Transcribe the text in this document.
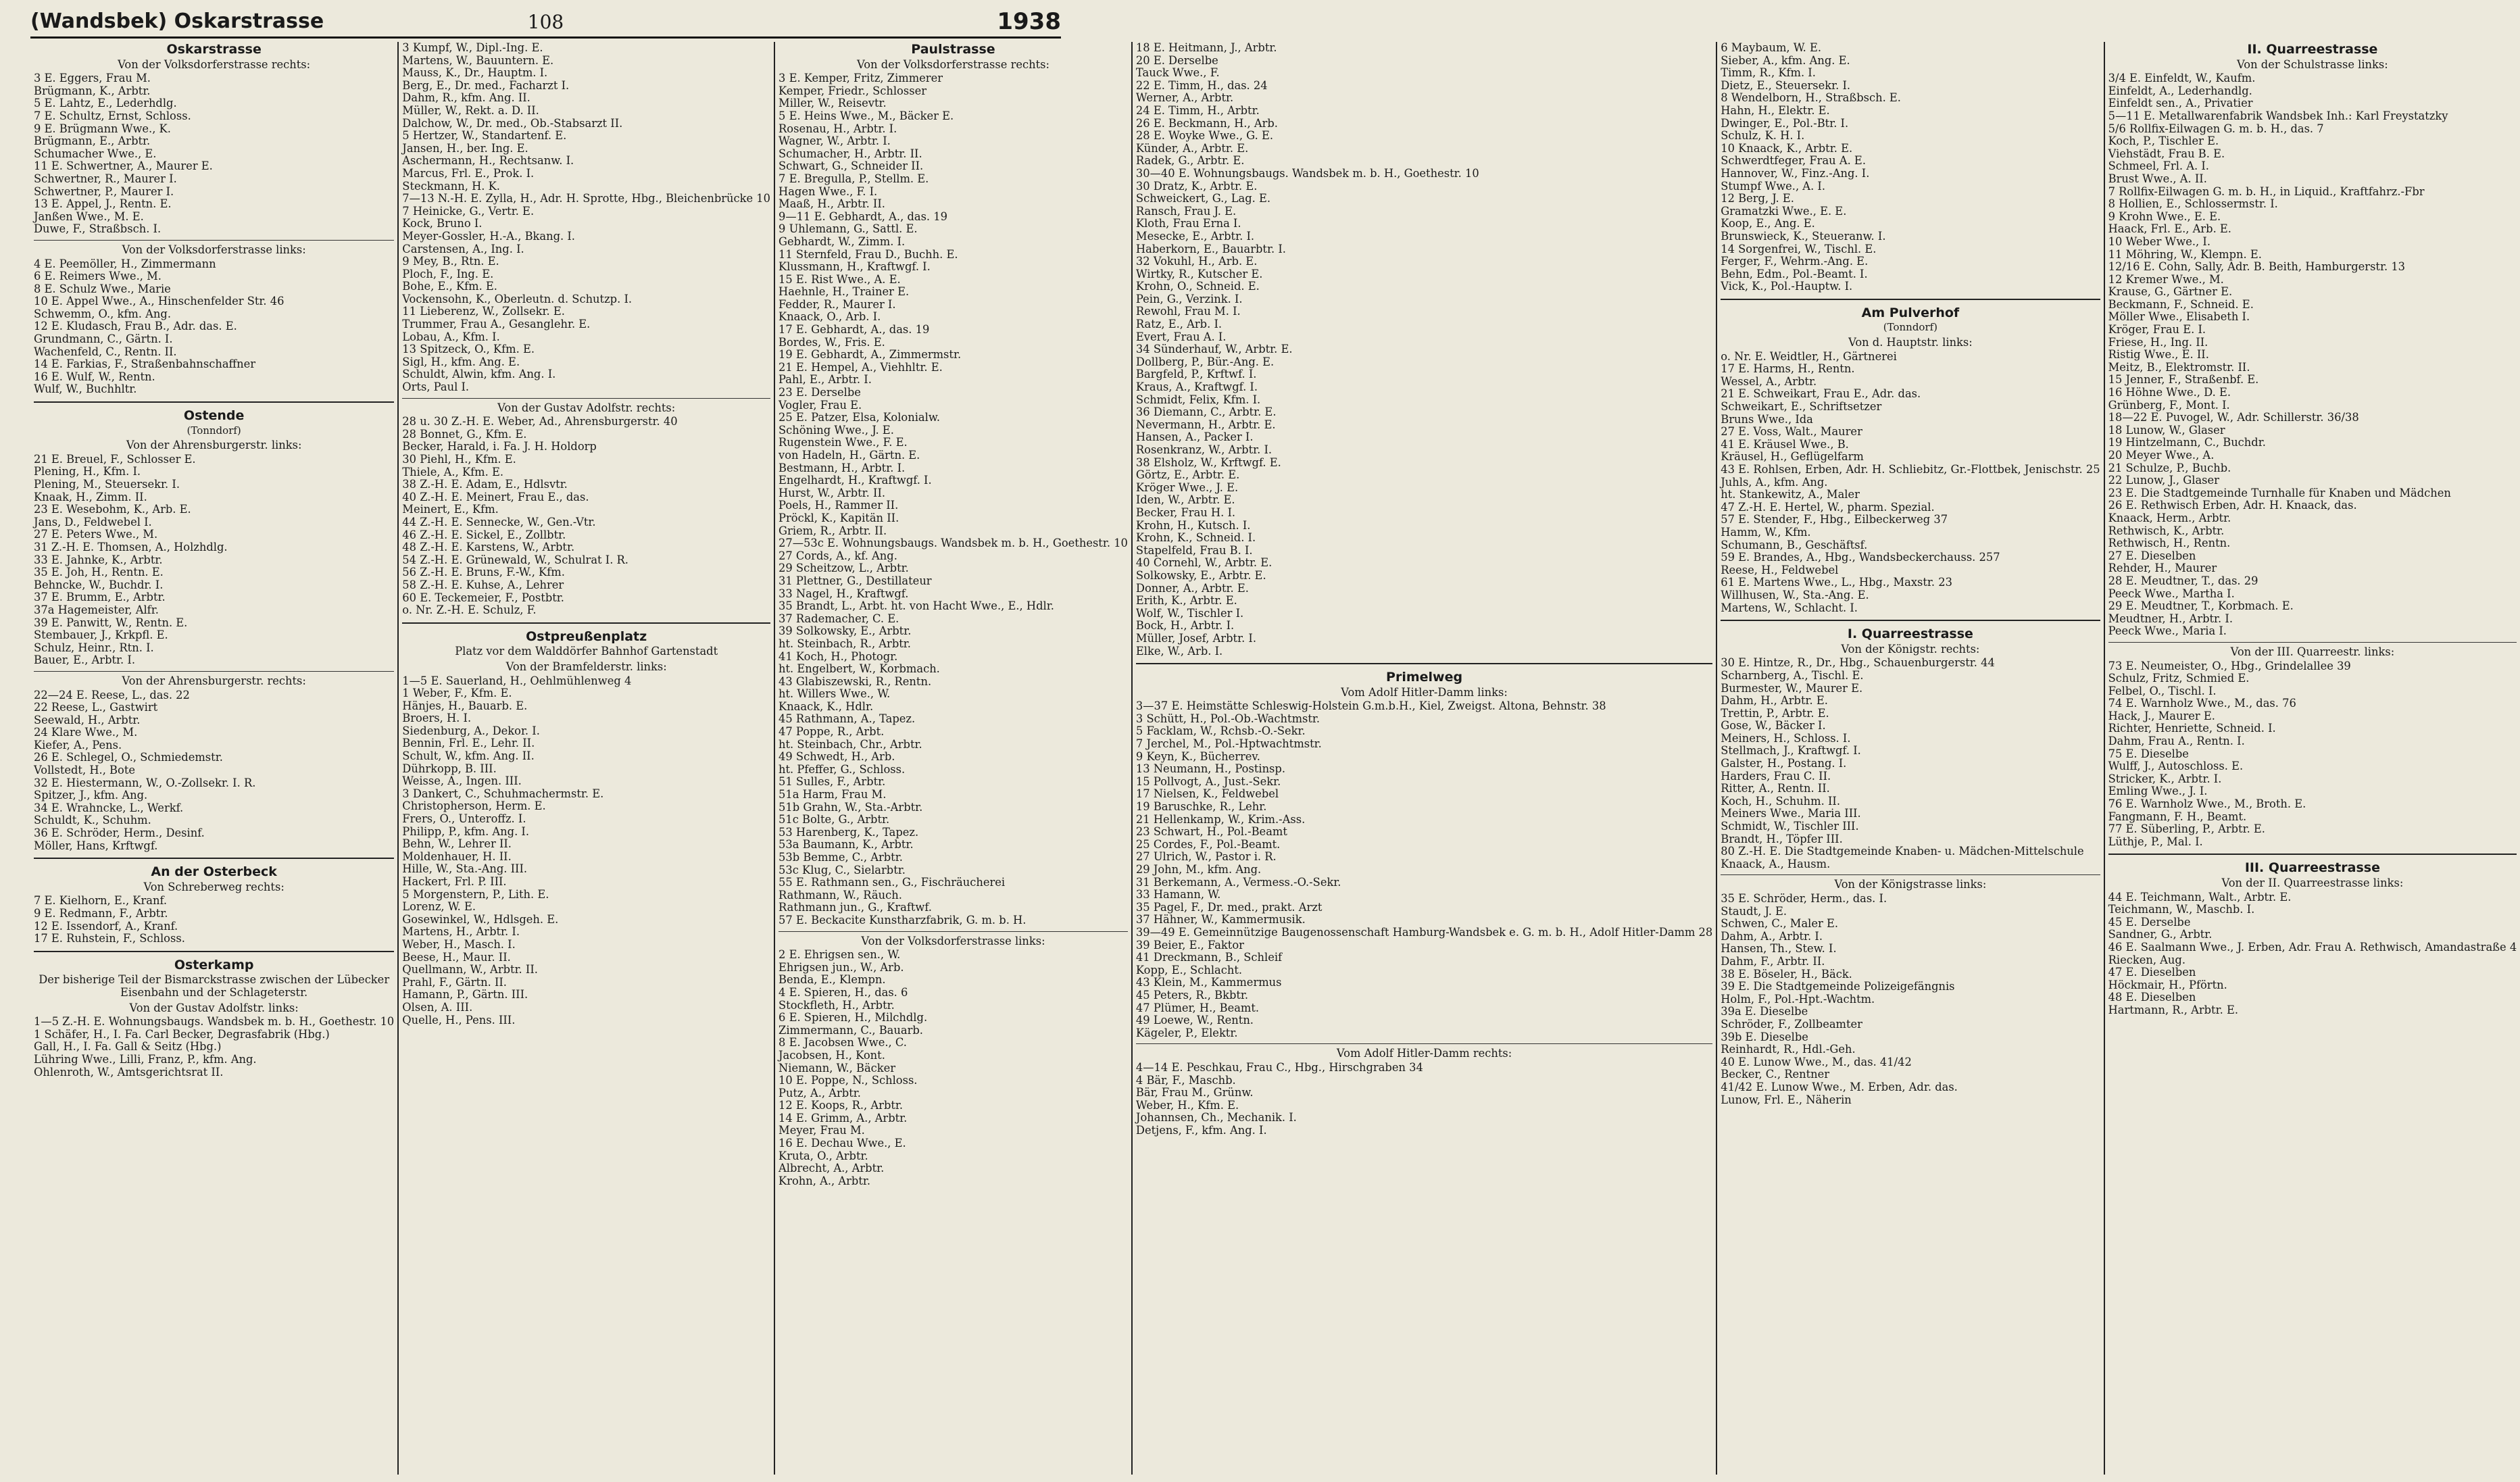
(Wandsbek) Oskarstrasse	108	1938
Oskarstrasse
Von der Volksdorferstrasse rechts:
3 E. Eggers, Frau M.
Brügmann, K., Arbtr.
5 E. Lahtz, E., Lederhdlg.
7 E. Schultz, Ernst, Schloss.
9 E. Brügmann Wwe., K.
Brügmann, E., Arbtr.
Schumacher Wwe., E.
11 E. Schwertner, A., Maurer E.
Schwertner, R., Maurer I.
Schwertner, P., Maurer I.
13 E. Appel, J., Rentn. E.
Janßen Wwe., M. E.
Duwe, F., Straßbsch. I.
Von der Volksdorferstrasse links:
4 E. Peemöller, H., Zimmermann
6 E. Reimers Wwe., M.
8 E. Schulz Wwe., Marie
10 E. Appel Wwe., A., Hinschenfelder Str. 46
Schwemm, O., kfm. Ang.
12 E. Kludasch, Frau B., Adr. das. E.
Grundmann, C., Gärtn. I.
Wachenfeld, C., Rentn. II.
14 E. Farkias, F., Straßenbahnschaffner
16 E. Wulf, W., Rentn.
Wulf, W., Buchhltr.
Ostende
(Tonndorf)
Von der Ahrensburgerstr. links:
21 E. Breuel, F., Schlosser E.
Plening, H., Kfm. I.
Plening, M., Steuersekr. I.
Knaak, H., Zimm. II.
23 E. Wesebohm, K., Arb. E.
Jans, D., Feldwebel I.
27 E. Peters Wwe., M.
31 Z.-H. E. Thomsen, A., Holzhdlg.
33 E. Jahnke, K., Arbtr.
35 E. Joh, H., Rentn. E.
Behncke, W., Buchdr. I.
37 E. Brumm, E., Arbtr.
37a Hagemeister, Alfr.
39 E. Panwitt, W., Rentn. E.
Stembauer, J., Krkpfl. E.
Schulz, Heinr., Rtn. I.
Bauer, E., Arbtr. I.
Von der Ahrensburgerstr. rechts:
22—24 E. Reese, L., das. 22
22 Reese, L., Gastwirt
Seewald, H., Arbtr.
24 Klare Wwe., M.
Kiefer, A., Pens.
26 E. Schlegel, O., Schmiedemstr.
Vollstedt, H., Bote
32 E. Hiestermann, W., O.-Zollsekr. I. R.
Spitzer, J., kfm. Ang.
34 E. Wrahncke, L., Werkf.
Schuldt, K., Schuhm.
36 E. Schröder, Herm., Desinf.
Möller, Hans, Krftwgf.
An der Osterbeck
Von Schreberweg rechts:
7 E. Kielhorn, E., Kranf.
9 E. Redmann, F., Arbtr.
12 E. Issendorf, A., Kranf.
17 E. Ruhstein, F., Schloss.
Osterkamp
Der bisherige Teil der Bismarckstrasse zwischen der Lübecker Eisenbahn und der Schlageterstr.
Von der Gustav Adolfstr. links:
1—5 Z.-H. E. Wohnungsbaugs. Wandsbek m. b. H., Goethestr. 10
1 Schäfer, H., I. Fa. Carl Becker, Degrasfabrik (Hbg.)
Gall, H., I. Fa. Gall & Seitz (Hbg.)
Lühring Wwe., Lilli, Franz, P., kfm. Ang.
Ohlenroth, W., Amtsgerichtsrat II.
3 Kumpf, W., Dipl.-Ing. E.
Martens, W., Bauuntern. E.
Mauss, K., Dr., Hauptm. I.
Berg, E., Dr. med., Facharzt I.
Dahm, R., kfm. Ang. II.
Müller, W., Rekt. a. D. II.
Dalchow, W., Dr. med., Ob.-Stabsarzt II.
5 Hertzer, W., Standartenf. E.
Jansen, H., ber. Ing. E.
Aschermann, H., Rechtsanw. I.
Marcus, Frl. E., Prok. I.
Steckmann, H. K.
7—13 N.-H. E. Zylla, H., Adr. H. Sprotte, Hbg., Bleichenbrücke 10
7 Heinicke, G., Vertr. E.
Kock, Bruno I.
Meyer-Gossler, H.-A., Bkang. I.
Carstensen, A., Ing. I.
9 Mey, B., Rtn. E.
Ploch, F., Ing. E.
Bohe, E., Kfm. E.
Vockensohn, K., Oberleutn. d. Schutzp. I.
11 Lieberenz, W., Zollsekr. E.
Trummer, Frau A., Gesanglehr. E.
Lobau, A., Kfm. I.
13 Spitzeck, O., Kfm. E.
Sigl, H., kfm. Ang. E.
Schuldt, Alwin, kfm. Ang. I.
Orts, Paul I.
Von der Gustav Adolfstr. rechts:
28 u. 30 Z.-H. E. Weber, Ad., Ahrensburgerstr. 40
28 Bonnet, G., Kfm. E.
Becker, Harald, i. Fa. J. H. Holdorp
30 Piehl, H., Kfm. E.
Thiele, A., Kfm. E.
38 Z.-H. E. Adam, E., Hdlsvtr.
40 Z.-H. E. Meinert, Frau E., das.
Meinert, E., Kfm.
44 Z.-H. E. Sennecke, W., Gen.-Vtr.
46 Z.-H. E. Sickel, E., Zollbtr.
48 Z.-H. E. Karstens, W., Arbtr.
54 Z.-H. E. Grünewald, W., Schulrat I. R.
56 Z.-H. E. Bruns, F.-W., Kfm.
58 Z.-H. E. Kuhse, A., Lehrer
60 E. Teckemeier, F., Postbtr.
o. Nr. Z.-H. E. Schulz, F.
Ostpreußenplatz
Platz vor dem Walddörfer Bahnhof Gartenstadt
Von der Bramfelderstr. links:
1—5 E. Sauerland, H., Oehlmühlenweg 4
1 Weber, F., Kfm. E.
Hänjes, H., Bauarb. E.
Broers, H. I.
Siedenburg, A., Dekor. I.
Bennin, Frl. E., Lehr. II.
Schult, W., kfm. Ang. II.
Dührkopp, B. III.
Weisse, A., Ingen. III.
3 Dankert, C., Schuhmachermstr. E.
Christopherson, Herm. E.
Frers, O., Unteroffz. I.
Philipp, P., kfm. Ang. I.
Behn, W., Lehrer II.
Moldenhauer, H. II.
Hille, W., Sta.-Ang. III.
Hackert, Frl. P. III.
5 Morgenstern, P., Lith. E.
Lorenz, W. E.
Gosewinkel, W., Hdlsgeh. E.
Martens, H., Arbtr. I.
Weber, H., Masch. I.
Beese, H., Maur. II.
Quellmann, W., Arbtr. II.
Prahl, F., Gärtn. II.
Hamann, P., Gärtn. III.
Olsen, A. III.
Quelle, H., Pens. III.
Paulstrasse
Von der Volksdorferstrasse rechts:
3 E. Kemper, Fritz, Zimmerer
Kemper, Friedr., Schlosser
Miller, W., Reisevtr.
5 E. Heins Wwe., M., Bäcker E.
Rosenau, H., Arbtr. I.
Wagner, W., Arbtr. I.
Schumacher, H., Arbtr. II.
Schwart, G., Schneider II.
7 E. Bregulla, P., Stellm. E.
Hagen Wwe., F. I.
Maaß, H., Arbtr. II.
9—11 E. Gebhardt, A., das. 19
9 Uhlemann, G., Sattl. E.
Gebhardt, W., Zimm. I.
11 Sternfeld, Frau D., Buchh. E.
Klussmann, H., Kraftwgf. I.
15 E. Rist Wwe., A. E.
Haehnle, H., Trainer E.
Fedder, R., Maurer I.
Knaack, O., Arb. I.
17 E. Gebhardt, A., das. 19
Bordes, W., Fris. E.
19 E. Gebhardt, A., Zimmermstr.
21 E. Hempel, A., Viehhltr. E.
Pahl, E., Arbtr. I.
23 E. Derselbe
Vogler, Frau E.
25 E. Patzer, Elsa, Kolonialw.
Schöning Wwe., J. E.
Rugenstein Wwe., F. E.
von Hadeln, H., Gärtn. E.
Bestmann, H., Arbtr. I.
Engelhardt, H., Kraftwgf. I.
Hurst, W., Arbtr. II.
Poels, H., Rammer II.
Pröckl, K., Kapitän II.
Griem, R., Arbtr. II.
27—53c E. Wohnungsbaugs. Wandsbek m. b. H., Goethestr. 10
27 Cords, A., kf. Ang.
29 Scheitzow, L., Arbtr.
31 Plettner, G., Destillateur
33 Nagel, H., Kraftwgf.
35 Brandt, L., Arbt. ht. von Hacht Wwe., E., Hdlr.
37 Rademacher, C. E.
39 Solkowsky, E., Arbtr.
ht. Steinbach, R., Arbtr.
41 Koch, H., Photogr.
ht. Engelbert, W., Korbmach.
43 Glabiszewski, R., Rentn.
ht. Willers Wwe., W.
Knaack, K., Hdlr.
45 Rathmann, A., Tapez.
47 Poppe, R., Arbt.
ht. Steinbach, Chr., Arbtr.
49 Schwedt, H., Arb.
ht. Pfeffer, G., Schloss.
51 Sulles, F., Arbtr.
51a Harm, Frau M.
51b Grahn, W., Sta.-Arbtr.
51c Bolte, G., Arbtr.
53 Harenberg, K., Tapez.
53a Baumann, K., Arbtr.
53b Bemme, C., Arbtr.
53c Klug, C., Sielarbtr.
55 E. Rathmann sen., G., Fischräucherei
Rathmann, W., Räuch.
Rathmann jun., G., Kraftwf.
57 E. Beckacite Kunstharzfabrik, G. m. b. H.
Von der Volksdorferstrasse links:
2 E. Ehrigsen sen., W.
Ehrigsen jun., W., Arb.
Benda, E., Klempn.
4 E. Spieren, H., das. 6
Stockfleth, H., Arbtr.
6 E. Spieren, H., Milchdlg.
Zimmermann, C., Bauarb.
8 E. Jacobsen Wwe., C.
Jacobsen, H., Kont.
Niemann, W., Bäcker
10 E. Poppe, N., Schloss.
Putz, A., Arbtr.
12 E. Koops, R., Arbtr.
14 E. Grimm, A., Arbtr.
Meyer, Frau M.
16 E. Dechau Wwe., E.
Kruta, O., Arbtr.
Albrecht, A., Arbtr.
Krohn, A., Arbtr.
18 E. Heitmann, J., Arbtr.
20 E. Derselbe
Tauck Wwe., F.
22 E. Timm, H., das. 24
Werner, A., Arbtr.
24 E. Timm, H., Arbtr.
26 E. Beckmann, H., Arb.
28 E. Woyke Wwe., G. E.
Künder, A., Arbtr. E.
Radek, G., Arbtr. E.
30—40 E. Wohnungsbaugs. Wandsbek m. b. H., Goethestr. 10
30 Dratz, K., Arbtr. E.
Schweickert, G., Lag. E.
Ransch, Frau J. E.
Kloth, Frau Erna I.
Mesecke, E., Arbtr. I.
Haberkorn, E., Bauarbtr. I.
32 Vokuhl, H., Arb. E.
Wirtky, R., Kutscher E.
Krohn, O., Schneid. E.
Pein, G., Verzink. I.
Rewohl, Frau M. I.
Ratz, E., Arb. I.
Evert, Frau A. I.
34 Sünderhauf, W., Arbtr. E.
Dollberg, P., Bür.-Ang. E.
Bargfeld, P., Krftwf. I.
Kraus, A., Kraftwgf. I.
Schmidt, Felix, Kfm. I.
36 Diemann, C., Arbtr. E.
Nevermann, H., Arbtr. E.
Hansen, A., Packer I.
Rosenkranz, W., Arbtr. I.
38 Elsholz, W., Krftwgf. E.
Görtz, E., Arbtr. E.
Kröger Wwe., J. E.
Iden, W., Arbtr. E.
Becker, Frau H. I.
Krohn, H., Kutsch. I.
Krohn, K., Schneid. I.
Stapelfeld, Frau B. I.
40 Cornehl, W., Arbtr. E.
Solkowsky, E., Arbtr. E.
Donner, A., Arbtr. E.
Erith, K., Arbtr. E.
Wolf, W., Tischler I.
Bock, H., Arbtr. I.
Müller, Josef, Arbtr. I.
Elke, W., Arb. I.
Primelweg
Vom Adolf Hitler-Damm links:
3—37 E. Heimstätte Schleswig-Holstein G.m.b.H., Kiel, Zweigst. Altona, Behnstr. 38
3 Schütt, H., Pol.-Ob.-Wachtmstr.
5 Facklam, W., Rchsb.-O.-Sekr.
7 Jerchel, M., Pol.-Hptwachtmstr.
9 Keyn, K., Bücherrev.
13 Neumann, H., Postinsp.
15 Pollvogt, A., Just.-Sekr.
17 Nielsen, K., Feldwebel
19 Baruschke, R., Lehr.
21 Hellenkamp, W., Krim.-Ass.
23 Schwart, H., Pol.-Beamt
25 Cordes, F., Pol.-Beamt.
27 Ulrich, W., Pastor i. R.
29 John, M., kfm. Ang.
31 Berkemann, A., Vermess.-O.-Sekr.
33 Hamann, W.
35 Pagel, F., Dr. med., prakt. Arzt
37 Hähner, W., Kammermusik.
39—49 E. Gemeinnützige Baugenossenschaft Hamburg-Wandsbek e. G. m. b. H., Adolf Hitler-Damm 28
39 Beier, E., Faktor
41 Dreckmann, B., Schleif
Kopp, E., Schlacht.
43 Klein, M., Kammermus
45 Peters, R., Bkbtr.
47 Plümer, H., Beamt.
49 Loewe, W., Rentn.
Kägeler, P., Elektr.
Vom Adolf Hitler-Damm rechts:
4—14 E. Peschkau, Frau C., Hbg., Hirschgraben 34
4 Bär, F., Maschb.
Bär, Frau M., Grünw.
Weber, H., Kfm. E.
Johannsen, Ch., Mechanik. I.
Detjens, F., kfm. Ang. I.
6 Maybaum, W. E.
Sieber, A., kfm. Ang. E.
Timm, R., Kfm. I.
Dietz, E., Steuersekr. I.
8 Wendelborn, H., Straßbsch. E.
Hahn, H., Elektr. E.
Dwinger, E., Pol.-Btr. I.
Schulz, K. H. I.
10 Knaack, K., Arbtr. E.
Schwerdtfeger, Frau A. E.
Hannover, W., Finz.-Ang. I.
Stumpf Wwe., A. I.
12 Berg, J. E.
Gramatzki Wwe., E. E.
Koop, E., Ang. E.
Brunswieck, K., Steueranw. I.
14 Sorgenfrei, W., Tischl. E.
Ferger, F., Wehrm.-Ang. E.
Behn, Edm., Pol.-Beamt. I.
Vick, K., Pol.-Hauptw. I.
Am Pulverhof
(Tonndorf)
Von d. Hauptstr. links:
o. Nr. E. Weidtler, H., Gärtnerei
17 E. Harms, H., Rentn.
Wessel, A., Arbtr.
21 E. Schweikart, Frau E., Adr. das.
Schweikart, E., Schriftsetzer
Bruns Wwe., Ida
27 E. Voss, Walt., Maurer
41 E. Kräusel Wwe., B.
Kräusel, H., Geflügelfarm
43 E. Rohlsen, Erben, Adr. H. Schliebitz, Gr.-Flottbek, Jenischstr. 25
Juhls, A., kfm. Ang.
ht. Stankewitz, A., Maler
47 Z.-H. E. Hertel, W., pharm. Spezial.
57 E. Stender, F., Hbg., Eilbeckerweg 37
Hamm, W., Kfm.
Schumann, B., Geschäftsf.
59 E. Brandes, A., Hbg., Wandsbeckerchauss. 257
Reese, H., Feldwebel
61 E. Martens Wwe., L., Hbg., Maxstr. 23
Willhusen, W., Sta.-Ang. E.
Martens, W., Schlacht. I.
I. Quarreestrasse
Von der Königstr. rechts:
30 E. Hintze, R., Dr., Hbg., Schauenburgerstr. 44
Scharnberg, A., Tischl. E.
Burmester, W., Maurer E.
Dahm, H., Arbtr. E.
Trettin, P., Arbtr. E.
Gose, W., Bäcker I.
Meiners, H., Schloss. I.
Stellmach, J., Kraftwgf. I.
Galster, H., Postang. I.
Harders, Frau C. II.
Ritter, A., Rentn. II.
Koch, H., Schuhm. II.
Meiners Wwe., Maria III.
Schmidt, W., Tischler III.
Brandt, H., Töpfer III.
80 Z.-H. E. Die Stadtgemeinde Knaben- u. Mädchen-Mittelschule
Knaack, A., Hausm.
Von der Königstrasse links:
35 E. Schröder, Herm., das. I.
Staudt, J. E.
Schwen, C., Maler E.
Dahm, A., Arbtr. I.
Hansen, Th., Stew. I.
Dahm, F., Arbtr. II.
38 E. Böseler, H., Bäck.
39 E. Die Stadtgemeinde Polizeigefängnis
Holm, F., Pol.-Hpt.-Wachtm.
39a E. Dieselbe
Schröder, F., Zollbeamter
39b E. Dieselbe
Reinhardt, R., Hdl.-Geh.
40 E. Lunow Wwe., M., das. 41/42
Becker, C., Rentner
41/42 E. Lunow Wwe., M. Erben, Adr. das.
Lunow, Frl. E., Näherin
II. Quarreestrasse
Von der Schulstrasse links:
3/4 E. Einfeldt, W., Kaufm.
Einfeldt, A., Lederhandlg.
Einfeldt sen., A., Privatier
5—11 E. Metallwarenfabrik Wandsbek Inh.: Karl Freystatzky
5/6 Rollfix-Eilwagen G. m. b. H., das. 7
Koch, P., Tischler E.
Viehstädt, Frau B. E.
Schmeel, Frl. A. I.
Brust Wwe., A. II.
7 Rollfix-Eilwagen G. m. b. H., in Liquid., Kraftfahrz.-Fbr
8 Hollien, E., Schlossermstr. I.
9 Krohn Wwe., E. E.
Haack, Frl. E., Arb. E.
10 Weber Wwe., I.
11 Möhring, W., Klempn. E.
12/16 E. Cohn, Sally, Adr. B. Beith, Hamburgerstr. 13
12 Kremer Wwe., M.
Krause, G., Gärtner E.
Beckmann, F., Schneid. E.
Möller Wwe., Elisabeth I.
Kröger, Frau E. I.
Friese, H., Ing. II.
Ristig Wwe., E. II.
Meitz, B., Elektromstr. II.
15 Jenner, F., Straßenbf. E.
16 Höhne Wwe., D. E.
Grünberg, F., Mont. I.
18—22 E. Puvogel, W., Adr. Schillerstr. 36/38
18 Lunow, W., Glaser
19 Hintzelmann, C., Buchdr.
20 Meyer Wwe., A.
21 Schulze, P., Buchb.
22 Lunow, J., Glaser
23 E. Die Stadtgemeinde Turnhalle für Knaben und Mädchen
26 E. Rethwisch Erben, Adr. H. Knaack, das.
Knaack, Herm., Arbtr.
Rethwisch, K., Arbtr.
Rethwisch, H., Rentn.
27 E. Dieselben
Rehder, H., Maurer
28 E. Meudtner, T., das. 29
Peeck Wwe., Martha I.
29 E. Meudtner, T., Korbmach. E.
Meudtner, H., Arbtr. I.
Peeck Wwe., Maria I.
Von der III. Quarreestr. links:
73 E. Neumeister, O., Hbg., Grindelallee 39
Schulz, Fritz, Schmied E.
Felbel, O., Tischl. I.
74 E. Warnholz Wwe., M., das. 76
Hack, J., Maurer E.
Richter, Henriette, Schneid. I.
Dahm, Frau A., Rentn. I.
75 E. Dieselbe
Wulff, J., Autoschloss. E.
Stricker, K., Arbtr. I.
Emling Wwe., J. I.
76 E. Warnholz Wwe., M., Broth. E.
Fangmann, F. H., Beamt.
77 E. Süberling, P., Arbtr. E.
Lüthje, P., Mal. I.
III. Quarreestrasse
Von der II. Quarreestrasse links:
44 E. Teichmann, Walt., Arbtr. E.
Teichmann, W., Maschb. I.
45 E. Derselbe
Sandner, G., Arbtr.
46 E. Saalmann Wwe., J. Erben, Adr. Frau A. Rethwisch, Amandastraße 4
Riecken, Aug.
47 E. Dieselben
Höckmair, H., Pförtn.
48 E. Dieselben
Hartmann, R., Arbtr. E.
